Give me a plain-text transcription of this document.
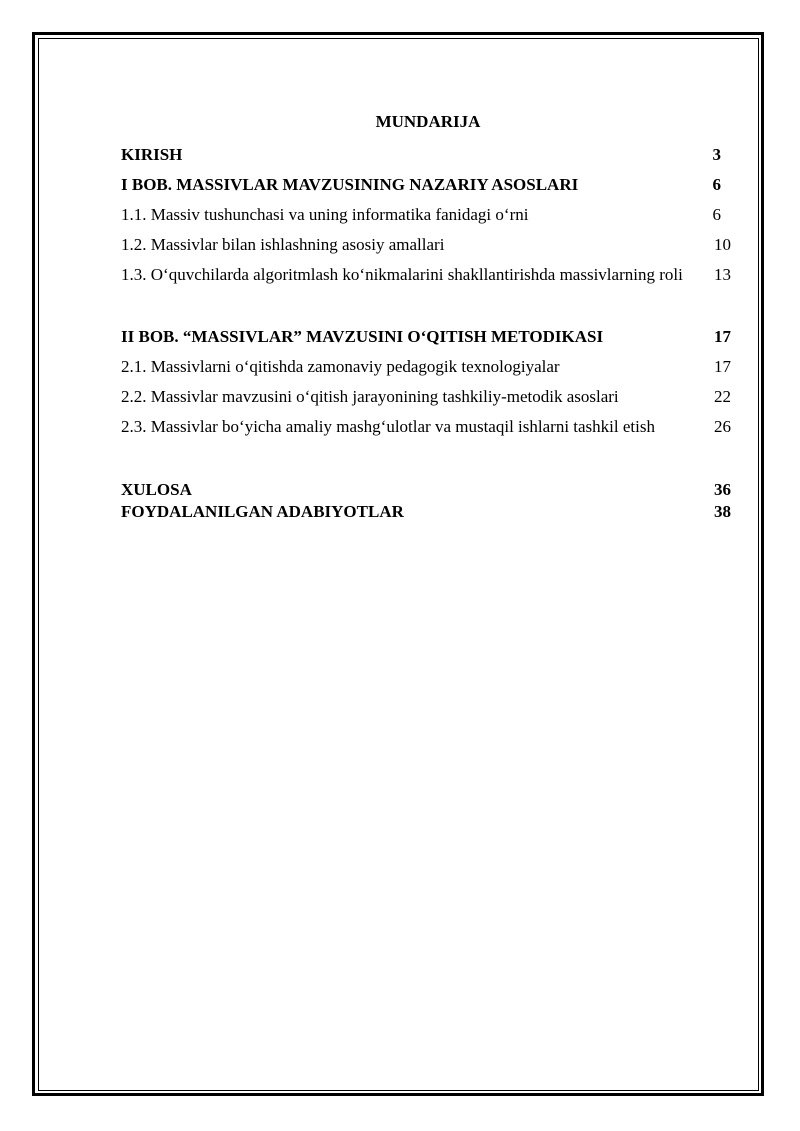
MUNDARIJA
KIRISH	3
I BOB. MASSIVLAR MAVZUSINING NAZARIY ASOSLARI	6
1.1. Massiv tushunchasi va uning informatika fanidagi o‘rni	6
1.2. Massivlar bilan ishlashning asosiy amallari	10
1.3. O‘quvchilarda algoritmlash ko‘nikmalarini shakllantirishda massivlarning roli	13
II BOB. “MASSIVLAR” MAVZUSINI O‘QITISH METODIKASI	17
2.1. Massivlarni o‘qitishda zamonaviy pedagogik texnologiyalar	17
2.2. Massivlar mavzusini o‘qitish jarayonining tashkiliy-metodik asoslari	22
2.3. Massivlar bo‘yicha amaliy mashg‘ulotlar va mustaqil ishlarni tashkil etish	26
XULOSA	36
FOYDALANILGAN ADABIYOTLAR	38
